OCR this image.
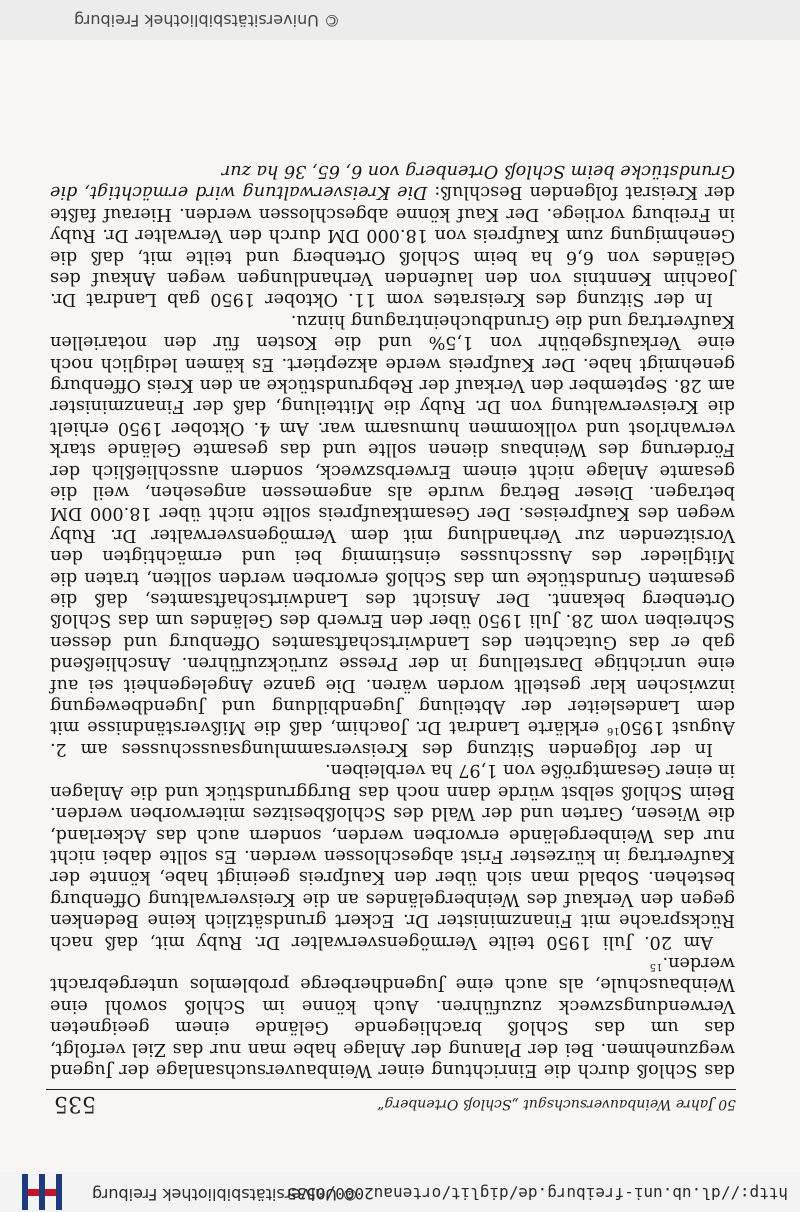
http://dl.ub.uni-freiburg.de/diglit/ortenau2000/0535
© Universitätsbibliothek Freiburg
50 Jahre Weinbauversuchsgut „Schloß Ortenberg“
535

das Schloß durch die Einrichtung einer Weinbauversuchsanlage der Jugend wegzunehmen. Bei der Planung der Anlage habe man nur das Ziel verfolgt, das um das Schloß brachliegende Gelände einem geeigneten Verwendungszweck zuzuführen. Auch könne im Schloß sowohl eine Weinbauschule, als auch eine Jugendherberge problemlos untergebracht werden.$^{15}$

Am 20. Juli 1950 teilte Vermögensverwalter Dr. Ruby mit, daß nach Rücksprache mit Finanzminister Dr. Eckert grundsätzlich keine Bedenken gegen den Verkauf des Weinbergeländes an die Kreisverwaltung Offenburg bestehen. Sobald man sich über den Kaufpreis geeinigt habe, könnte der Kaufvertrag in kürzester Frist abgeschlossen werden. Es sollte dabei nicht nur das Weinbergelände erworben werden, sondern auch das Ackerland, die Wiesen, Garten und der Wald des Schloßbesitzes miterworben werden. Beim Schloß selbst würde dann noch das Burggrundstück und die Anlagen in einer Gesamtgröße von 1,97 ha verbleiben.

In der folgenden Sitzung des Kreisversammlungsausschusses am 2. August 1950$^{16}$ erklärte Landrat Dr. Joachim, daß die Mißverständnisse mit dem Landesleiter der Abteilung Jugendbildung und Jugendbewegung inzwischen klar gestellt worden wären. Die ganze Angelegenheit sei auf eine unrichtige Darstellung in der Presse zurückzuführen. Anschließend gab er das Gutachten des Landwirtschaftsamtes Offenburg und dessen Schreiben vom 28. Juli 1950 über den Erwerb des Geländes um das Schloß Ortenberg bekannt. Der Ansicht des Landwirtschaftsamtes, daß die gesamten Grundstücke um das Schloß erworben werden sollten, traten die Mitglieder des Ausschusses einstimmig bei und ermächtigten den Vorsitzenden zur Verhandlung mit dem Vermögensverwalter Dr. Ruby wegen des Kaufpreises. Der Gesamtkaufpreis sollte nicht über 18.000 DM betragen. Dieser Betrag wurde als angemessen angesehen, weil die gesamte Anlage nicht einem Erwerbszweck, sondern ausschließlich der Förderung des Weinbaus dienen sollte und das gesamte Gelände stark verwahrlost und vollkommen humusarm war. Am 4. Oktober 1950 erhielt die Kreisverwaltung von Dr. Ruby die Mitteilung, daß der Finanzminister am 28. September den Verkauf der Rebgrundstücke an den Kreis Offenburg genehmigt habe. Der Kaufpreis werde akzeptiert. Es kämen lediglich noch eine Verkaufsgebühr von 1,5% und die Kosten für den notariellen Kaufvertrag und die Grundbucheintragung hinzu.

In der Sitzung des Kreisrates vom 11. Oktober 1950 gab Landrat Dr. Joachim Kenntnis von den laufenden Verhandlungen wegen Ankauf des Geländes von 6,6 ha beim Schloß Ortenberg und teilte mit, daß die Genehmigung zum Kaufpreis von 18.000 DM durch den Verwalter Dr. Ruby in Freiburg vorliege. Der Kauf könne abgeschlossen werden. Hierauf faßte der Kreisrat folgenden Beschluß: Die Kreisverwaltung wird ermächtigt, die Grundstücke beim Schloß Ortenberg von 6, 65, 36 ha zur

© Universitätsbibliothek Freiburg
